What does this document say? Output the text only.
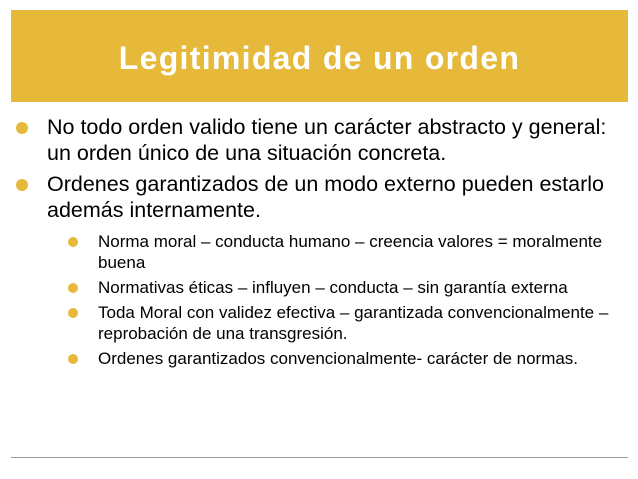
Legitimidad de un orden
No todo orden valido tiene un carácter abstracto y general: un orden único de una situación concreta.
Ordenes garantizados de un modo externo pueden estarlo además internamente.
Norma moral – conducta humano – creencia valores = moralmente buena
Normativas éticas – influyen – conducta – sin garantía externa
Toda Moral con validez efectiva – garantizada convencionalmente – reprobación de una transgresión.
Ordenes garantizados convencionalmente- carácter de normas.
